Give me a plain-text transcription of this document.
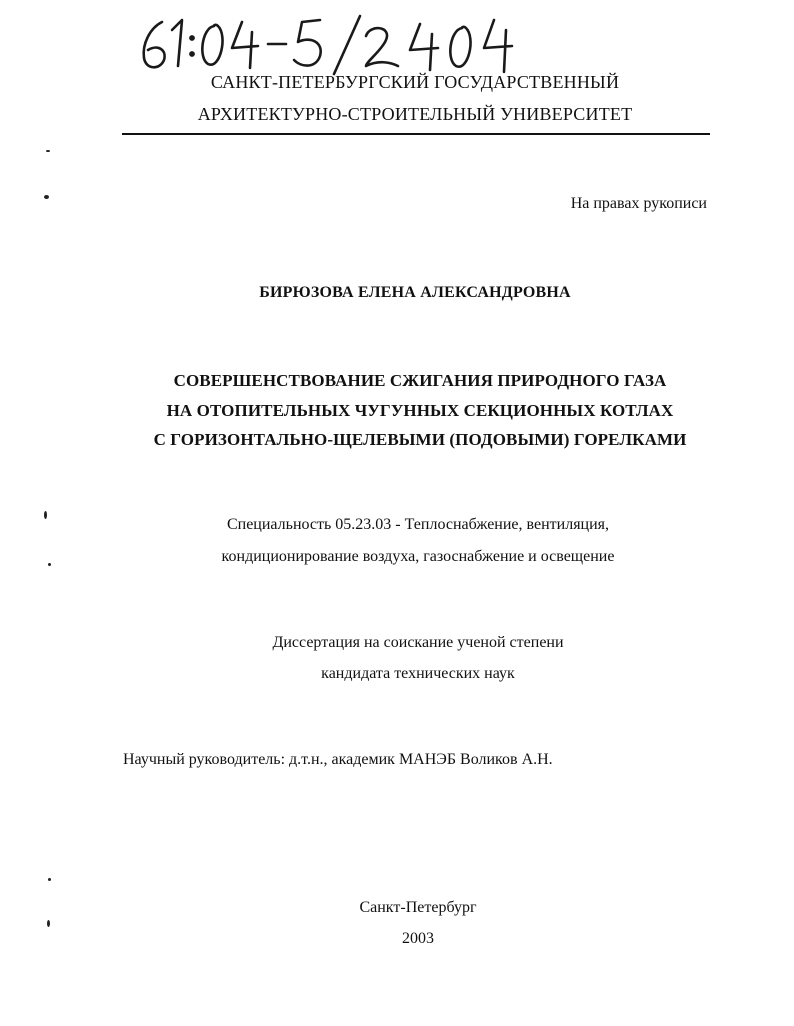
САНКТ-ПЕТЕРБУРГСКИЙ ГОСУДАРСТВЕННЫЙ
АРХИТЕКТУРНО-СТРОИТЕЛЬНЫЙ УНИВЕРСИТЕТ
На правах рукописи
БИРЮЗОВА ЕЛЕНА АЛЕКСАНДРОВНА
СОВЕРШЕНСТВОВАНИЕ СЖИГАНИЯ ПРИРОДНОГО ГАЗА
НА ОТОПИТЕЛЬНЫХ ЧУГУННЫХ СЕКЦИОННЫХ КОТЛАХ
С ГОРИЗОНТАЛЬНО-ЩЕЛЕВЫМИ (ПОДОВЫМИ) ГОРЕЛКАМИ
Специальность 05.23.03 - Теплоснабжение, вентиляция,
кондиционирование воздуха, газоснабжение и освещение
Диссертация на соискание ученой степени
кандидата технических наук
Научный руководитель: д.т.н., академик МАНЭБ Воликов А.Н.
Санкт-Петербург
2003
